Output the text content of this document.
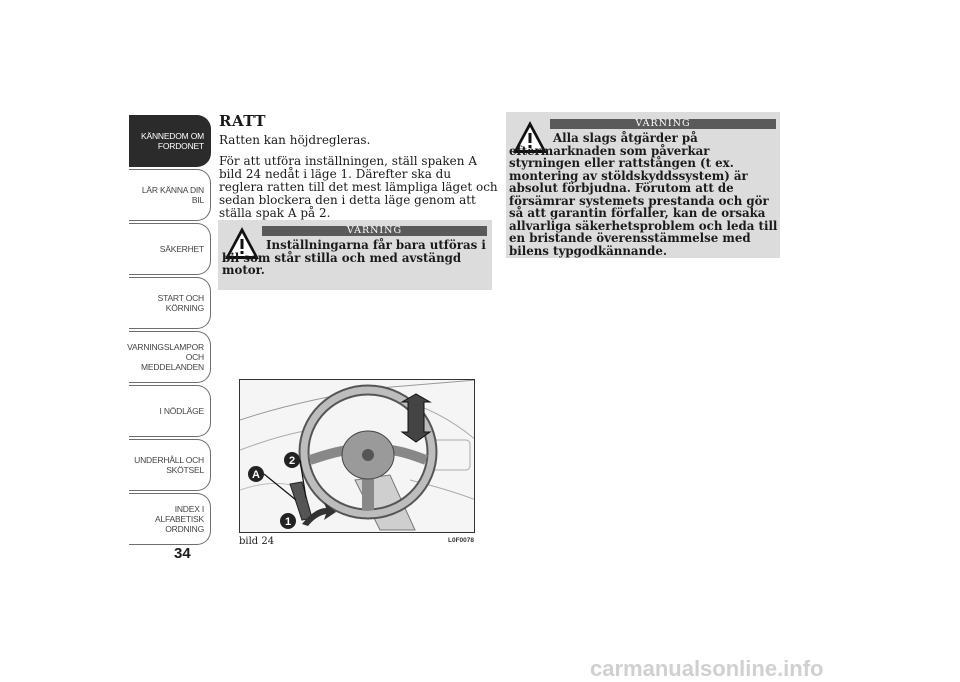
KÄNNEDOM OM
FORDONET
LÄR KÄNNA DIN
BIL
SÄKERHET
START OCH
KÖRNING
VARNINGSLAMPOR
OCH
MEDDELANDEN
I NÖDLÄGE
UNDERHÅLL OCH
SKÖTSEL
INDEX I
ALFABETISK
ORDNING
34
RATT
Ratten kan höjdregleras.
För att utföra inställningen, ställ spaken A bild 24 nedåt i läge 1. Därefter ska du reglera ratten till det mest lämpliga läget och sedan blockera den i detta läge genom att ställa spak A på 2.
VARNING
Inställningarna får bara utföras i bil som står stilla och med avstängd motor.
VARNING
Alla slags åtgärder på eftermarknaden som påverkar styrningen eller rattstången (t ex. montering av stöldskyddssystem) är absolut förbjudna. Förutom att de försämrar systemets prestanda och gör så att garantin förfaller, kan de orsaka allvarliga säkerhetsproblem och leda till en bristande överensstämmelse med bilens typgodkännande.
A
2
1
bild 24	L0F0078
carmanualsonline.info
